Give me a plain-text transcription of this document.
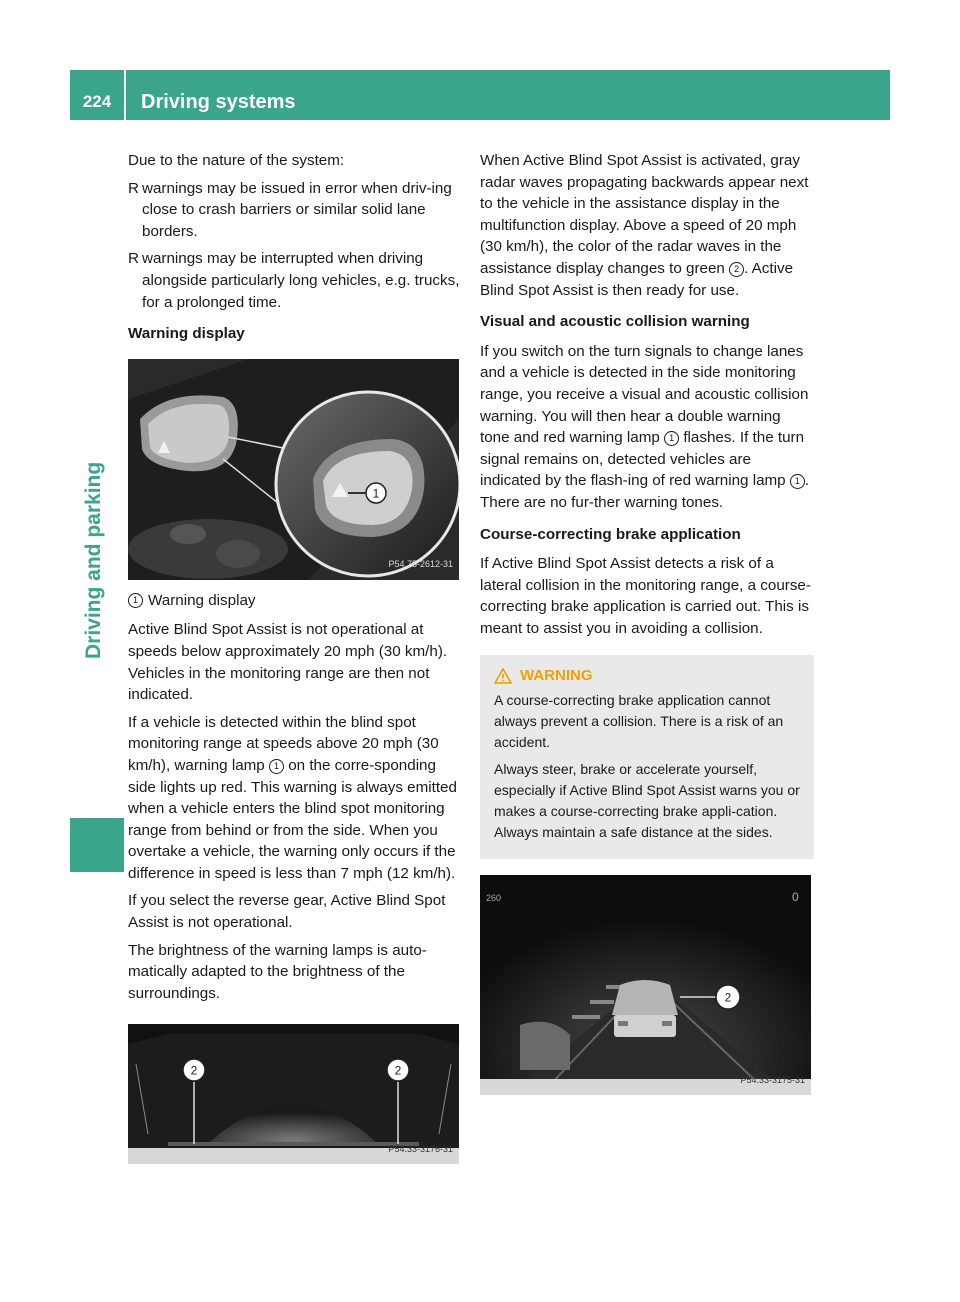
224	Driving systems
Driving and parking

Due to the nature of the system:

R warnings may be issued in error when driv-ing close to crash barriers or similar solid lane borders.
R warnings may be interrupted when driving alongside particularly long vehicles, e.g. trucks, for a prolonged time.
Warning display
1
P54.75-2612-31

1 Warning display

Active Blind Spot Assist is not operational at speeds below approximately 20 mph (30 km/h). Vehicles in the monitoring range are then not indicated.

If a vehicle is detected within the blind spot monitoring range at speeds above 20 mph (30 km/h), warning lamp 1 on the corre-sponding side lights up red. This warning is always emitted when a vehicle enters the blind spot monitoring range from behind or from the side. When you overtake a vehicle, the warning only occurs if the difference in speed is less than 7 mph (12 km/h).

If you select the reverse gear, Active Blind Spot Assist is not operational.

The brightness of the warning lamps is auto-matically adapted to the brightness of the surroundings.

2	2
P54.33-3176-31

When Active Blind Spot Assist is activated, gray radar waves propagating backwards appear next to the vehicle in the assistance display in the multifunction display. Above a speed of 20 mph (30 km/h), the color of the radar waves in the assistance display changes to green 2 . Active Blind Spot Assist is then ready for use.

Visual and acoustic collision warning

If you switch on the turn signals to change lanes and a vehicle is detected in the side monitoring range, you receive a visual and acoustic collision warning. You will then hear a double warning tone and red warning lamp 1 flashes. If the turn signal remains on, detected vehicles are indicated by the flash-ing of red warning lamp 1 . There are no fur-ther warning tones.

Course-correcting brake application

If Active Blind Spot Assist detects a risk of a lateral collision in the monitoring range, a course-correcting brake application is carried out. This is meant to assist you in avoiding a collision.

WARNING

A course-correcting brake application cannot always prevent a collision. There is a risk of an accident.

Always steer, brake or accelerate yourself, especially if Active Blind Spot Assist warns you or makes a course-correcting brake appli-cation. Always maintain a safe distance at the sides.

2
260	0
P54.33-3175-31
